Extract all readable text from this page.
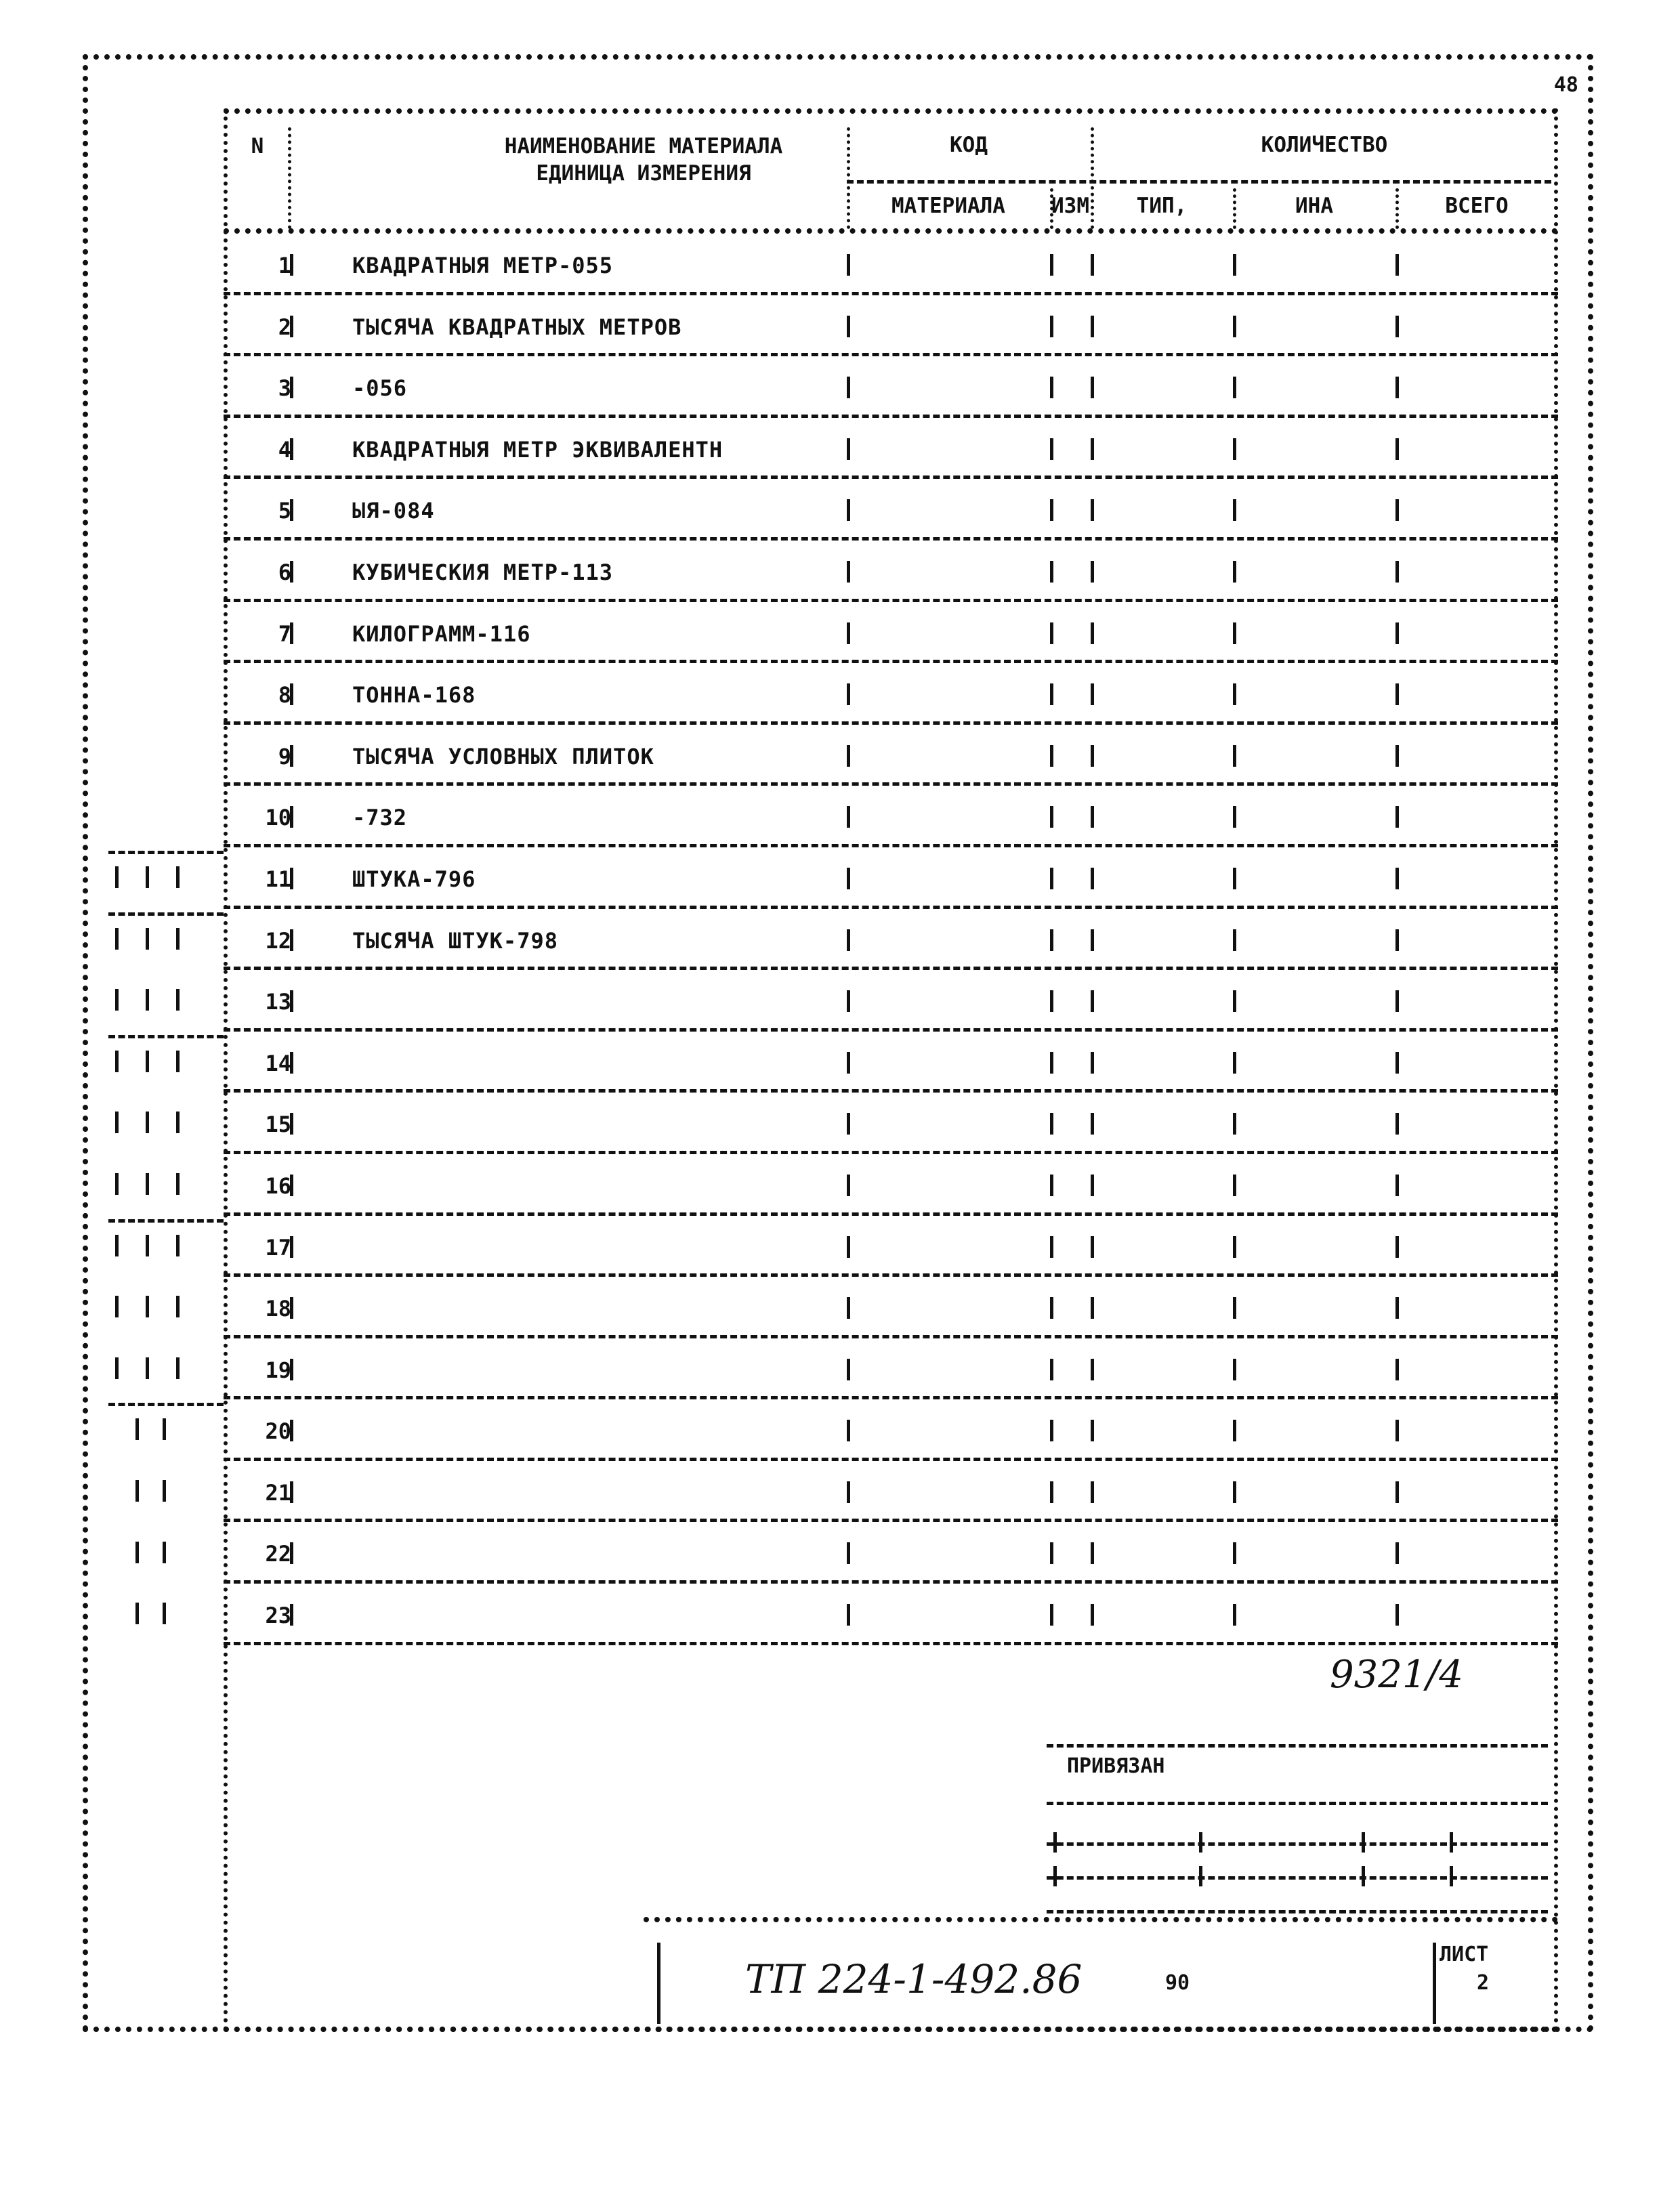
48
N	НАИМЕНОВАНИЕ МАТЕРИАЛА
ЕДИНИЦА ИЗМЕРЕНИЯ
КОД	КОЛИЧЕСТВО
МАТЕРИАЛА	ИЗМ	ТИП,	ИНА	ВСЕГО
1	КВАДРАТНЫЯ МЕТР-055
2	ТЫСЯЧА КВАДРАТНЫХ МЕТРОВ
3	-056
4	КВАДРАТНЫЯ МЕТР ЭКВИВАЛЕНТН
5	ЫЯ-084
6	КУБИЧЕСКИЯ МЕТР-113
7	КИЛОГРАММ-116
8	ТОННА-168
9	ТЫСЯЧА УСЛОВНЫХ ПЛИТОК
10	-732
11	ШТУКА-796
12	ТЫСЯЧА ШТУК-798
13
14
15
16
17
18
19
20
21
22
23
9321/4
ПРИВЯЗАН
ТП 224-1-492.86	90
ЛИСТ
2
